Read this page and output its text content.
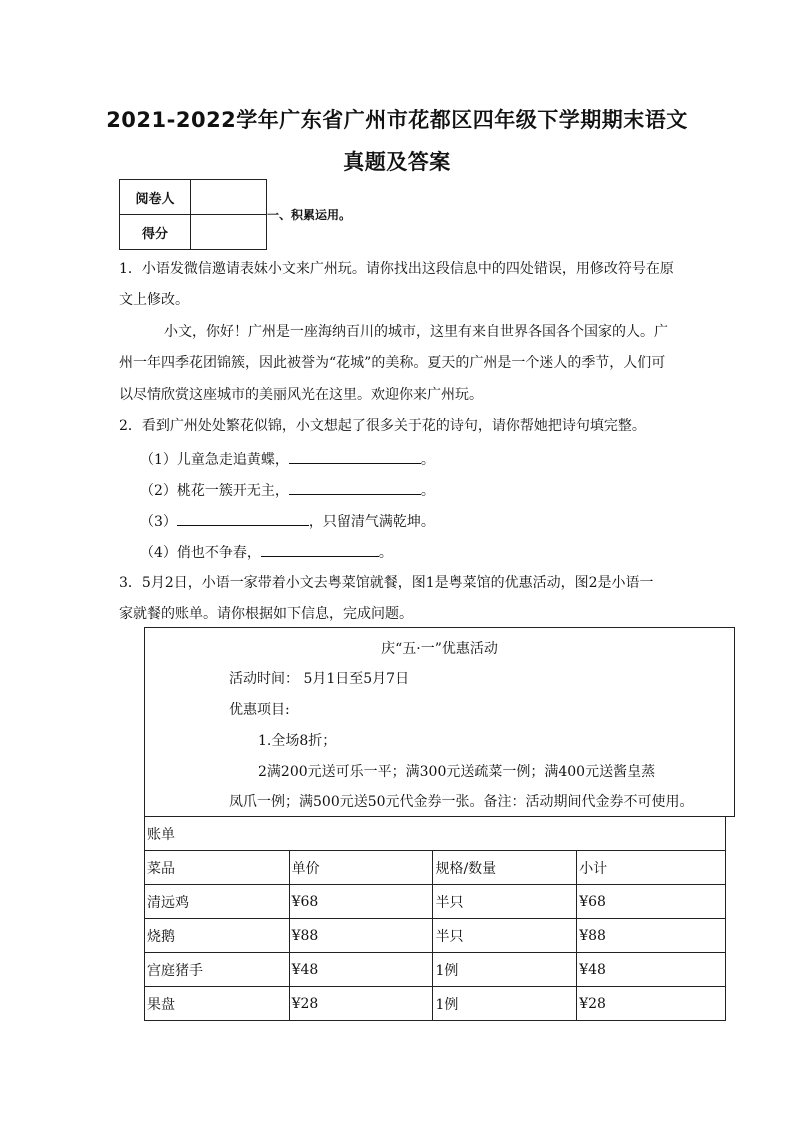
2021-2022学年广东省广州市花都区四年级下学期期末语文
真题及答案
阅卷人	
得分	
一、积累运用。
1．小语发微信邀请表妹小文来广州玩。请你找出这段信息中的四处错误，用修改符号在原
文上修改。
小文，你好！广州是一座海纳百川的城市，这里有来自世界各国各个国家的人。广
州一年四季花团锦簇，因此被誉为“花城”的美称。夏天的广州是一个迷人的季节，人们可
以尽情欣赏这座城市的美丽风光在这里。欢迎你来广州玩。
2．看到广州处处繁花似锦，小文想起了很多关于花的诗句，请你帮她把诗句填完整。
（1）儿童急走追黄蝶，	。
（2）桃花一簇开无主，	。
（3）	，只留清气满乾坤。
（4）俏也不争春，	。
3．5月2日，小语一家带着小文去粤菜馆就餐，图1是粤菜馆的优惠活动，图2是小语一
家就餐的账单。请你根据如下信息，完成问题。
庆“五·一”优惠活动
活动时间： 5月1日至5月7日
优惠项目:
1.全场8折；
2满200元送可乐一平；满300元送疏菜一例；满400元送酱皇蒸
凤爪一例；满500元送50元代金券一张。备注：活动期间代金券不可使用。
账单			
菜品	单价	规格/数量	小计
清远鸡	¥68	半只	¥68
烧鹅	¥88	半只	¥88
宫庭猪手	¥48	1例	¥48
果盘	¥28	1例	¥28
